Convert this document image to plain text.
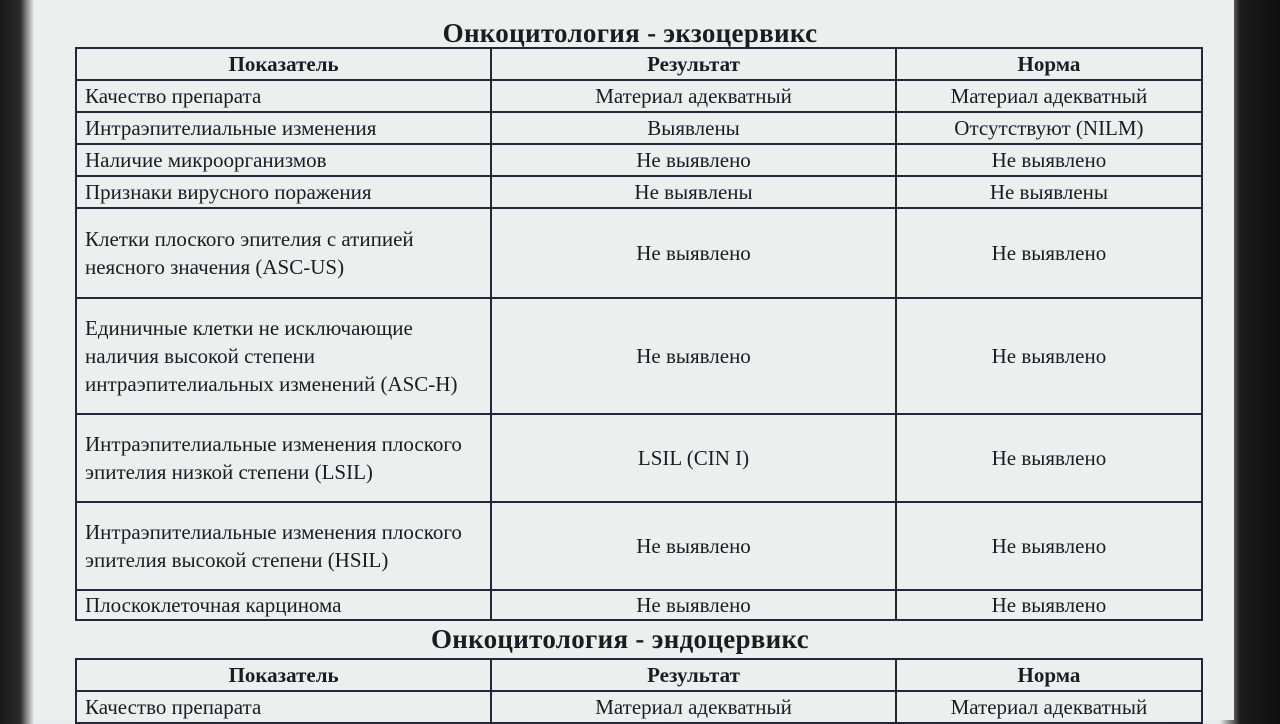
Онкоцитология - экзоцервикс
Показатель	Результат	Норма
Качество препарата	Материал адекватный	Материал адекватный
Интраэпителиальные изменения	Выявлены	Отсутствуют (NILM)
Наличие микроорганизмов	Не выявлено	Не выявлено
Признаки вирусного поражения	Не выявлены	Не выявлены
Клетки плоского эпителия с атипией неясного значения (ASC-US)	Не выявлено	Не выявлено
Единичные клетки не исключающие наличия высокой степени интраэпителиальных изменений (ASC-H)	Не выявлено	Не выявлено
Интраэпителиальные изменения плоского эпителия низкой степени (LSIL)	LSIL (CIN I)	Не выявлено
Интраэпителиальные изменения плоского эпителия высокой степени (HSIL)	Не выявлено	Не выявлено
Плоскоклеточная карцинома	Не выявлено	Не выявлено
Онкоцитология - эндоцервикс
Показатель	Результат	Норма
Качество препарата	Материал адекватный	Материал адекватный
